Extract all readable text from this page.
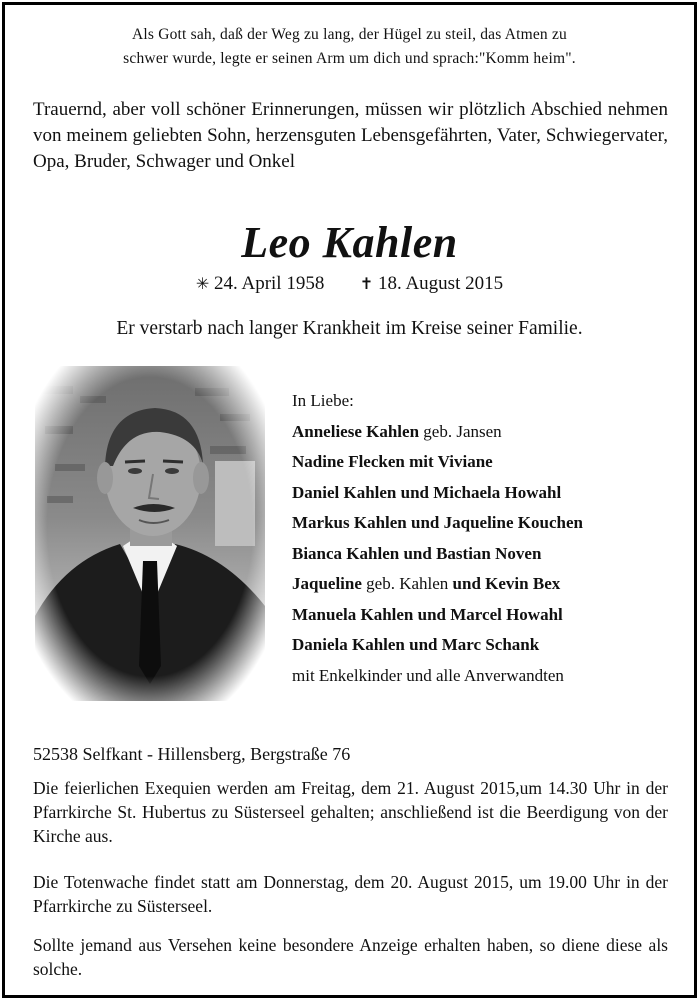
Als Gott sah, daß der Weg zu lang, der Hügel zu steil, das Atmen zu
schwer wurde, legte er seinen Arm um dich und sprach:"Komm heim".

Trauernd, aber voll schöner Erinnerungen, müssen wir plötzlich Abschied nehmen von meinem geliebten Sohn, herzensguten Lebensgefährten, Vater, Schwiegervater, Opa, Bruder, Schwager und Onkel

Leo Kahlen
✳ 24. April 1958 ✝ 18. August 2015
Er verstarb nach langer Krankheit im Kreise seiner Familie.
In Liebe:
Anneliese Kahlen geb. Jansen
Nadine Flecken mit Viviane
Daniel Kahlen und Michaela Howahl
Markus Kahlen und Jaqueline Kouchen
Bianca Kahlen und Bastian Noven
Jaqueline geb. Kahlen und Kevin Bex
Manuela Kahlen und Marcel Howahl
Daniela Kahlen und Marc Schank
mit Enkelkinder und alle Anverwandten
52538 Selfkant - Hillensberg, Bergstraße 76

Die feierlichen Exequien werden am Freitag, dem 21. August 2015,um 14.30 Uhr in der Pfarrkirche St. Hubertus zu Süsterseel gehalten; anschließend ist die Beerdigung von der Kirche aus.

Die Totenwache findet statt am Donnerstag, dem 20. August 2015, um 19.00 Uhr in der Pfarrkirche zu Süsterseel.

Sollte jemand aus Versehen keine besondere Anzeige erhalten haben, so diene diese als solche.
